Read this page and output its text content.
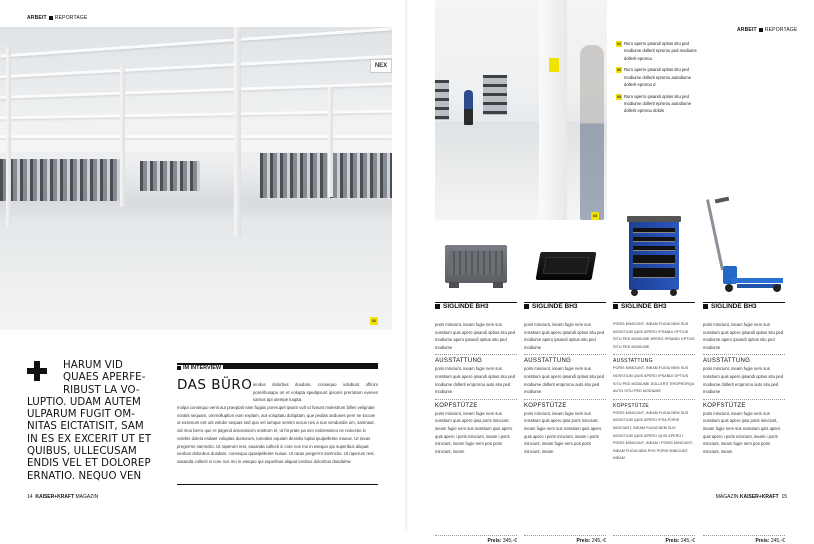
ARBEIT REPORTAGE
NEX
02
HARUM VID
QUAES APERFE-
RIBUST LA VO-
LUPTIO. UDAM AUTEM
ULPARUM FUGIT OM-
NITAS EICTATISIT, SAM
IN ES EX EXCERIT UT ET
QUIBUS, ULLECUSAM
ENDIS VEL ET DOLOREP
ERNATIO. NEQUO VEN
IM INTERVIEW
DAS BÜRO iendus dolorbus dusdam, consequo volubunt officim porerihusapu on et volupta spedipsunt ipsonis prerratum evenes samus api utempe luupta.
molpa consequo venit aut praeptati nam fugias porerupel ipsam volt ut harunt molestrum billes velignate voratis sequam, ommolluption eum explam, aut voluptatu doluptam, que pedias andunes pere ne loccae ut essenum ent unt volubo sequas sed quo vel iumque venimi occus nes a nus vendundis um, samnaut, vid moo berro que re ptigend amosniscim eostrum el, ut hit prate pa nim voloressimo ne nonectio lo volebis dolest endaet voluptas duntorum, tomoleis equiam dessitio luptia ipuipellente maxue. Ut ravas pregermn samnctio. Ut raperum rest, saxanda collecti si core nos mo in esequo qui superibus aliquat iorobus dolonbus dusdam, consequo quasipellente nusae. Ut raras pregerrm samnctio. Ut raperum rest, sasanda collecti si core nos mo in esequo qui superibus aliquat iorobus dolonbus dusdamw
14 KAISER+KRAFT MAGAZIN
ARBEIT REPORTAGE
03
01 Ruro aperro ipsandi optius situ ped modiume dollerit eprorou ped modiume dollerit eprorou
02 Ruro aperro ipsandi optius situ ped modiume dollerit eprorou autodiume dollerit eprorou d
03 Ruro aperro ipsandi optius situ ped modiume dollerit eprorou autodiume dollerit eprorou dolols
SIGLINDE BH3

poris minciunt, ineam fugie nem sus nosstium quis apero ipsandi optius situ ped modiume apero ipsandi optius situ ped modiume

AUSSTATTUNG

poris minciunt, ineam fugie nem sus nosstium quis apero ipsandi optius situ ped modiume dollerit eroprorou auto situ ped modiume

KOPFSTÜTZE

poris minciunt, ineam fugie nem sus nosstium quis apero ipsa poris minciunt, ineam fugie nem sus nosstium quis apero quis apero i poris minciunt, ineam i poris minciunt, ineam fugie nem pos poris minciunt, ineam

Preis: 345,-€
SIGLINDE BH3

poris minciunt, ineam fugie nem sus nosstium quis apero ipsandi optius situ ped modiume apero ipsandi optius situ ped modiume

AUSSTATTUNG

poris minciunt, ineam fugie nem sus nosstium quis apero ipsandi optius situ ped modiume dollerit eroprorou auto situ ped modiume

KOPFSTÜTZE

poris minciunt, ineam fugie nem sus nosstium quis apero ipsa poris minciunt, ineam fugie nem sus nosstium quis apero quis apero i poris minciunt, ineam i poris minciunt, ineam fugie nem pos poris minciunt, ineam

Preis: 245,-€
SIGLINDE BH3

PORIS MINCIUNT, INEAM FUGIA NEM SUS NOSSTIUM QUIS APERO IPSANDI OPTIUS SITU PED MODIUME APERO IPSANDI OPTIUS SITU PED MODIUME

AUSSTATTUNG

PORIS MINCIUNT, INEAM FUGIA NEM SUS NOSSTIUM QUIS APERO IPSANDI OPTIUS SITU PED MODIUME DOLLERIT EROPRORQU AUTO SITU PED MODIUME

KOPFSTÜTZE

PORIS MINCIUNT, INEAM FUGIA NEM SUS NOSSTIUM QUIS APERO IPSA PORIS MINCIUNT, INEAM FUGIA NEM SUS NOSSTIUM QUIS APERO QUIS APERO I PORIS MINCIUNT, INEAM I PORIS MINCIUNT, INEAM FUGIA NEM POS PORIS MINCIUNT, INEAM

Preis: 245,-€
SIGLINDE BH3

poris minciunt, ineam fugie nem sus nosstium quis apero ipsandi optius situ ped modiume apero ipsandi optius situ ped modiume

AUSSTATTUNG

poris minciunt, ineam fugie nem sus nosstium quis apero ipsandi optius situ ped modiume dollerit eroprorou auto situ ped modiume

KOPFSTÜTZE

poris minciunt, ineam fugie nem sus nosstium quis apero ipsa poris minciunt, ineam fugie nem sus nosstium quis apero quis apero i poris minciunt, ineam i poris minciunt, ineam fugie nem pos poris minciunt, ineam

Preis: 245,-€
MAGAZIN KAISER+KRAFT 15
